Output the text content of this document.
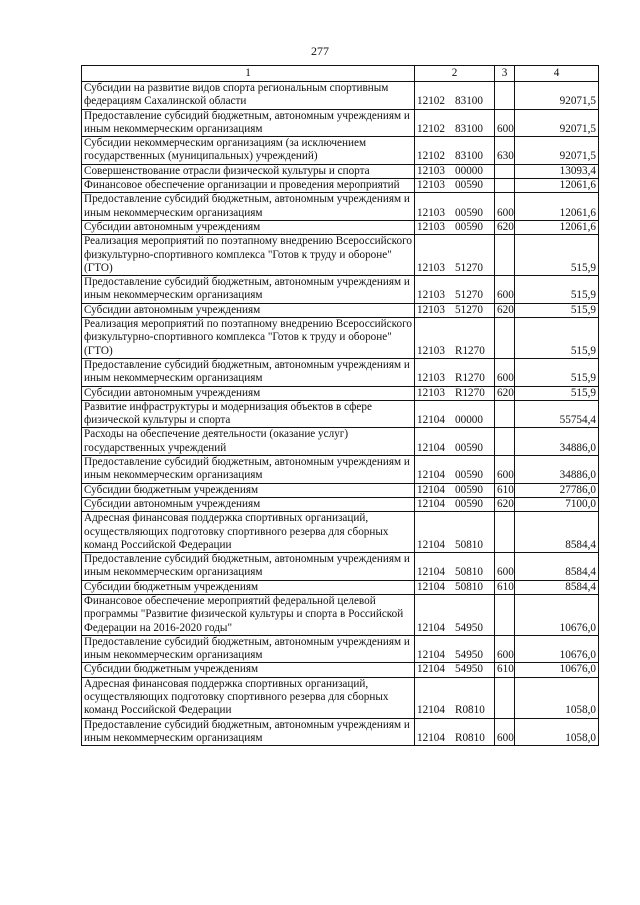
277
1	2	3	4
Субсидии на развитие видов спорта региональным спортивным федерациям Сахалинской области	12102 83100		92071,5
Предоставление субсидий бюджетным, автономным учреждениям и иным некоммерческим организациям	12102 83100	600	92071,5
Субсидии некоммерческим организациям (за исключением государственных (муниципальных) учреждений)	12102 83100	630	92071,5
Совершенствование отрасли физической культуры и спорта	12103 00000		13093,4
Финансовое обеспечение организации и проведения мероприятий	12103 00590		12061,6
Предоставление субсидий бюджетным, автономным учреждениям и иным некоммерческим организациям	12103 00590	600	12061,6
Субсидии автономным учреждениям	12103 00590	620	12061,6
Реализация мероприятий по поэтапному внедрению Всероссийского физкультурно-спортивного комплекса "Готов к труду и обороне" (ГТО)	12103 51270		515,9
Предоставление субсидий бюджетным, автономным учреждениям и иным некоммерческим организациям	12103 51270	600	515,9
Субсидии автономным учреждениям	12103 51270	620	515,9
Реализация мероприятий по поэтапному внедрению Всероссийского физкультурно-спортивного комплекса "Готов к труду и обороне" (ГТО)	12103 R1270		515,9
Предоставление субсидий бюджетным, автономным учреждениям и иным некоммерческим организациям	12103 R1270	600	515,9
Субсидии автономным учреждениям	12103 R1270	620	515,9
Развитие инфраструктуры и модернизация объектов в сфере физической культуры и спорта	12104 00000		55754,4
Расходы на обеспечение деятельности (оказание услуг) государственных учреждений	12104 00590		34886,0
Предоставление субсидий бюджетным, автономным учреждениям и иным некоммерческим организациям	12104 00590	600	34886,0
Субсидии бюджетным учреждениям	12104 00590	610	27786,0
Субсидии автономным учреждениям	12104 00590	620	7100,0
Адресная финансовая поддержка спортивных организаций, осуществляющих подготовку спортивного резерва для сборных команд Российской Федерации	12104 50810		8584,4
Предоставление субсидий бюджетным, автономным учреждениям и иным некоммерческим организациям	12104 50810	600	8584,4
Субсидии бюджетным учреждениям	12104 50810	610	8584,4
Финансовое обеспечение мероприятий федеральной целевой программы "Развитие физической культуры и спорта в Российской Федерации на 2016-2020 годы"	12104 54950		10676,0
Предоставление субсидий бюджетным, автономным учреждениям и иным некоммерческим организациям	12104 54950	600	10676,0
Субсидии бюджетным учреждениям	12104 54950	610	10676,0
Адресная финансовая поддержка спортивных организаций, осуществляющих подготовку спортивного резерва для сборных команд Российской Федерации	12104 R0810		1058,0
Предоставление субсидий бюджетным, автономным учреждениям и иным некоммерческим организациям	12104 R0810	600	1058,0
